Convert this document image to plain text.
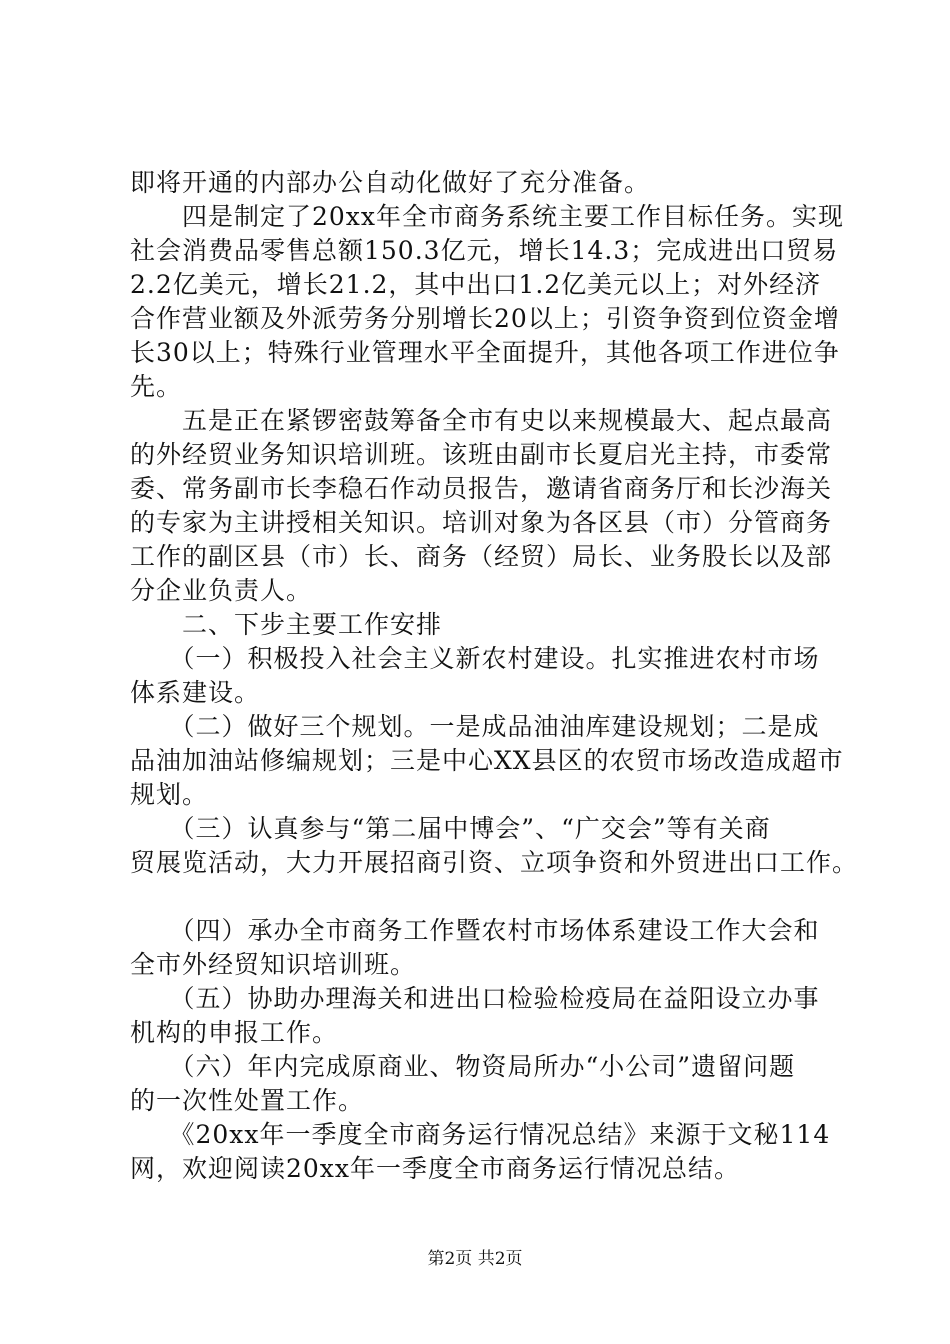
即将开通的内部办公自动化做好了充分准备。
　　四是制定了20xx年全市商务系统主要工作目标任务。实现
社会消费品零售总额150.3亿元，增长14.3；完成进出口贸易
2.2亿美元，增长21.2，其中出口1.2亿美元以上；对外经济
合作营业额及外派劳务分别增长20以上；引资争资到位资金增
长30以上；特殊行业管理水平全面提升，其他各项工作进位争
先。
　　五是正在紧锣密鼓筹备全市有史以来规模最大、起点最高
的外经贸业务知识培训班。该班由副市长夏启光主持，市委常
委、常务副市长李稳石作动员报告，邀请省商务厅和长沙海关
的专家为主讲授相关知识。培训对象为各区县（市）分管商务
工作的副区县（市）长、商务（经贸）局长、业务股长以及部
分企业负责人。
　　二、下步主要工作安排
　　（一）积极投入社会主义新农村建设。扎实推进农村市场
体系建设。
　　（二）做好三个规划。一是成品油油库建设规划；二是成
品油加油站修编规划；三是中心XX县区的农贸市场改造成超市
规划。
　　（三）认真参与“第二届中博会”、“广交会”等有关商
贸展览活动，大力开展招商引资、立项争资和外贸进出口工作。
　　（四）承办全市商务工作暨农村市场体系建设工作大会和
全市外经贸知识培训班。
　　（五）协助办理海关和进出口检验检疫局在益阳设立办事
机构的申报工作。
　　（六）年内完成原商业、物资局所办“小公司”遗留问题
的一次性处置工作。
　　《20xx年一季度全市商务运行情况总结》来源于文秘114
网，欢迎阅读20xx年一季度全市商务运行情况总结。
第2页 共2页
